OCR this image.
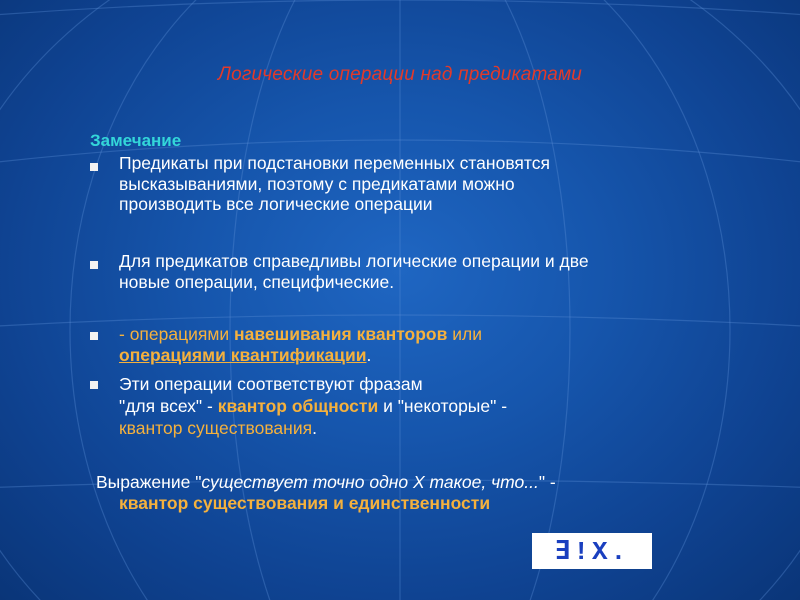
Логические операции над предикатами
Замечание
Предикаты при подстановки переменных становятся
высказываниями, поэтому с предикатами можно
производить все логические операции
Для предикатов справедливы логические операции и две
новые операции, специфические.
- операциями навешивания кванторов или
операциями квантификации.
Эти операции соответствуют фразам
"для всех" - квантор общности и "некоторые" -
квантор существования.
Выражение "существует точно одно X такое, что..." -
квантор существования и единственности
∃!X.
